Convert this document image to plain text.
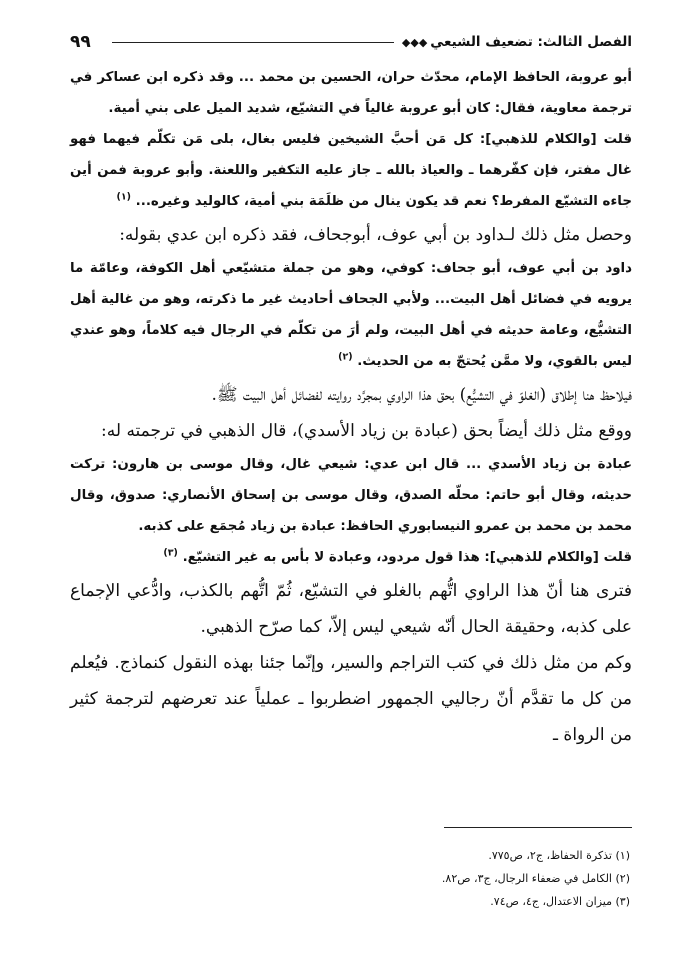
الفصل الثالث: تضعيف الشيعي◆◆◆
٩٩

أبو عروبة، الحافظ الإمام، محدّث حران، الحسين بن محمد ... وقد ذكره ابن عساكر في ترجمة معاوية، فقال: كان أبو عروبة غالياً في التشيّع، شديد الميل على بني أمية.

قلت [والكلام للذهبي]: كل مَن أحبَّ الشيخين فليس بغال، بلى مَن تكلّم فيهما فهو غال مفتر، فإن كفّرهما ـ والعياذ بالله ـ جاز عليه التكفير واللعنة. وأبو عروبة فمن أين جاءه التشيّع المفرط؟ نعم قد يكون ينال من ظلَمَة بني أمية، كالوليد وغيره... $^{(١)}$

وحصل مثل ذلك لـداود بن أبي عوف، أبوجحاف، فقد ذكره ابن عدي بقوله:

داود بن أبي عوف، أبو جحاف: كوفي، وهو من جملة متشيّعي أهل الكوفة، وعامّة ما يرويه في فضائل أهل البيت... ولأبي الجحاف أحاديث غير ما ذكرته، وهو من غالية أهل التشيُّع، وعامة حديثه في أهل البيت، ولم أرَ من تكلّم في الرجال فيه كلاماً، وهو عندي ليس بالقوي، ولا ممَّن يُحتجّ به من الحديث. $^{(٢)}$

فيلاحظ هنا إطلاق (الغلوّ في التشيُّع) بحق هذا الراوي بمجرَّد روايته لفضائل أهل البيت ﷺ.

ووقع مثل ذلك أيضاً بحق (عبادة بن زياد الأسدي)، قال الذهبي في ترجمته له:

عبادة بن زياد الأسدي ... قال ابن عدي: شيعي غال، وقال موسى بن هارون: تركت حديثه، وقال أبو حاتم: محلّه الصدق، وقال موسى بن إسحاق الأنصاري: صدوق، وقال محمد بن محمد بن عمرو النيسابوري الحافظ: عبادة بن زياد مُجمَع على كذبه.

قلت [والكلام للذهبي]: هذا قول مردود، وعبادة لا بأس به غير التشيّع. $^{(٣)}$

فترى هنا أنّ هذا الراوي اتُّهم بالغلو في التشيّع، ثُمّ اتُّهم بالكذب، وادُّعي الإجماع على كذبه، وحقيقة الحال أنّه شيعي ليس إلاّ، كما صرّح الذهبي.

وكم من مثل ذلك في كتب التراجم والسير، وإنّما جئنا بهذه النقول كنماذج. فيُعلم من كل ما تقدَّم أنّ رجاليي الجمهور اضطربوا ـ عملياً عند تعرضهم لترجمة كثير من الرواة ـ

(١) تذكرة الحفاظ، ج٢، ص٧٧٥.
(٢) الكامل في ضعفاء الرجال، ج٣، ص٨٢.
(٣) ميزان الاعتدال، ج٤، ص٧٤.
